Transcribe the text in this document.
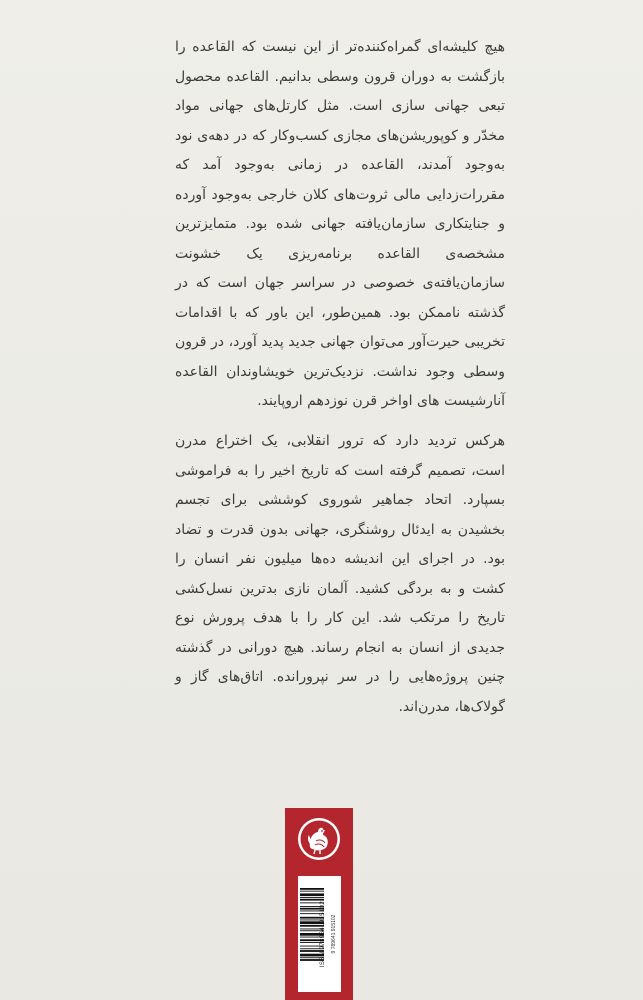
هیچ کلیشه‌ای گمراه‌کننده‌تر از این نیست که القاعده را بازگشت به دوران قرون وسطی بدانیم. القاعده محصول تبعی جهانی سازی است. مثل کارتل‌های جهانی مواد مخدّر و کوپوریشن‌های مجازی کسب‌وکار که در دهه‌ی نود به‌وجود آمدند، القاعده در زمانی به‌وجود آمد که مقررات‌زدایی مالی ثروت‌های کلان خارجی به‌وجود آورده و جنایتکاری سازمان‌یافته جهانی شده بود. متمایزترین مشخصه‌ی القاعده برنامه‌ریزی یک خشونت سازمان‌یافته‌ی خصوصی در سراسر جهان است که در گذشته ناممکن بود. همین‌طور، این باور که با اقدامات تخریبی حیرت‌آور می‌توان جهانی جدید پدید آورد، در قرون وسطی وجود نداشت. نزدیک‌ترین خویشاوندان القاعده آنارشیست های اواخر قرن نوزدهم اروپایند.

هرکس تردید دارد که ترور انقلابی، یک اختراع مدرن است، تصمیم گرفته است که تاریخ اخیر را به فراموشی بسپارد. اتحاد جماهیر شوروی کوششی برای تجسم بخشیدن به ایدئال روشنگری، جهانی بدون قدرت و تضاد بود. در اجرای این اندیشه ده‌ها میلیون نفر انسان را کشت و به بردگی کشید. آلمان نازی بدترین نسل‌کشی تاریخ را مرتکب شد. این کار را با هدف پرورش نوع جدیدی از انسان به انجام رساند. هیچ دورانی در گذشته چنین پروژه‌هایی را در سر نپرورانده. اتاق‌های گاز و گولاک‌ها، مدرن‌اند.

ISBN 9789641915102	9 789641 915102
